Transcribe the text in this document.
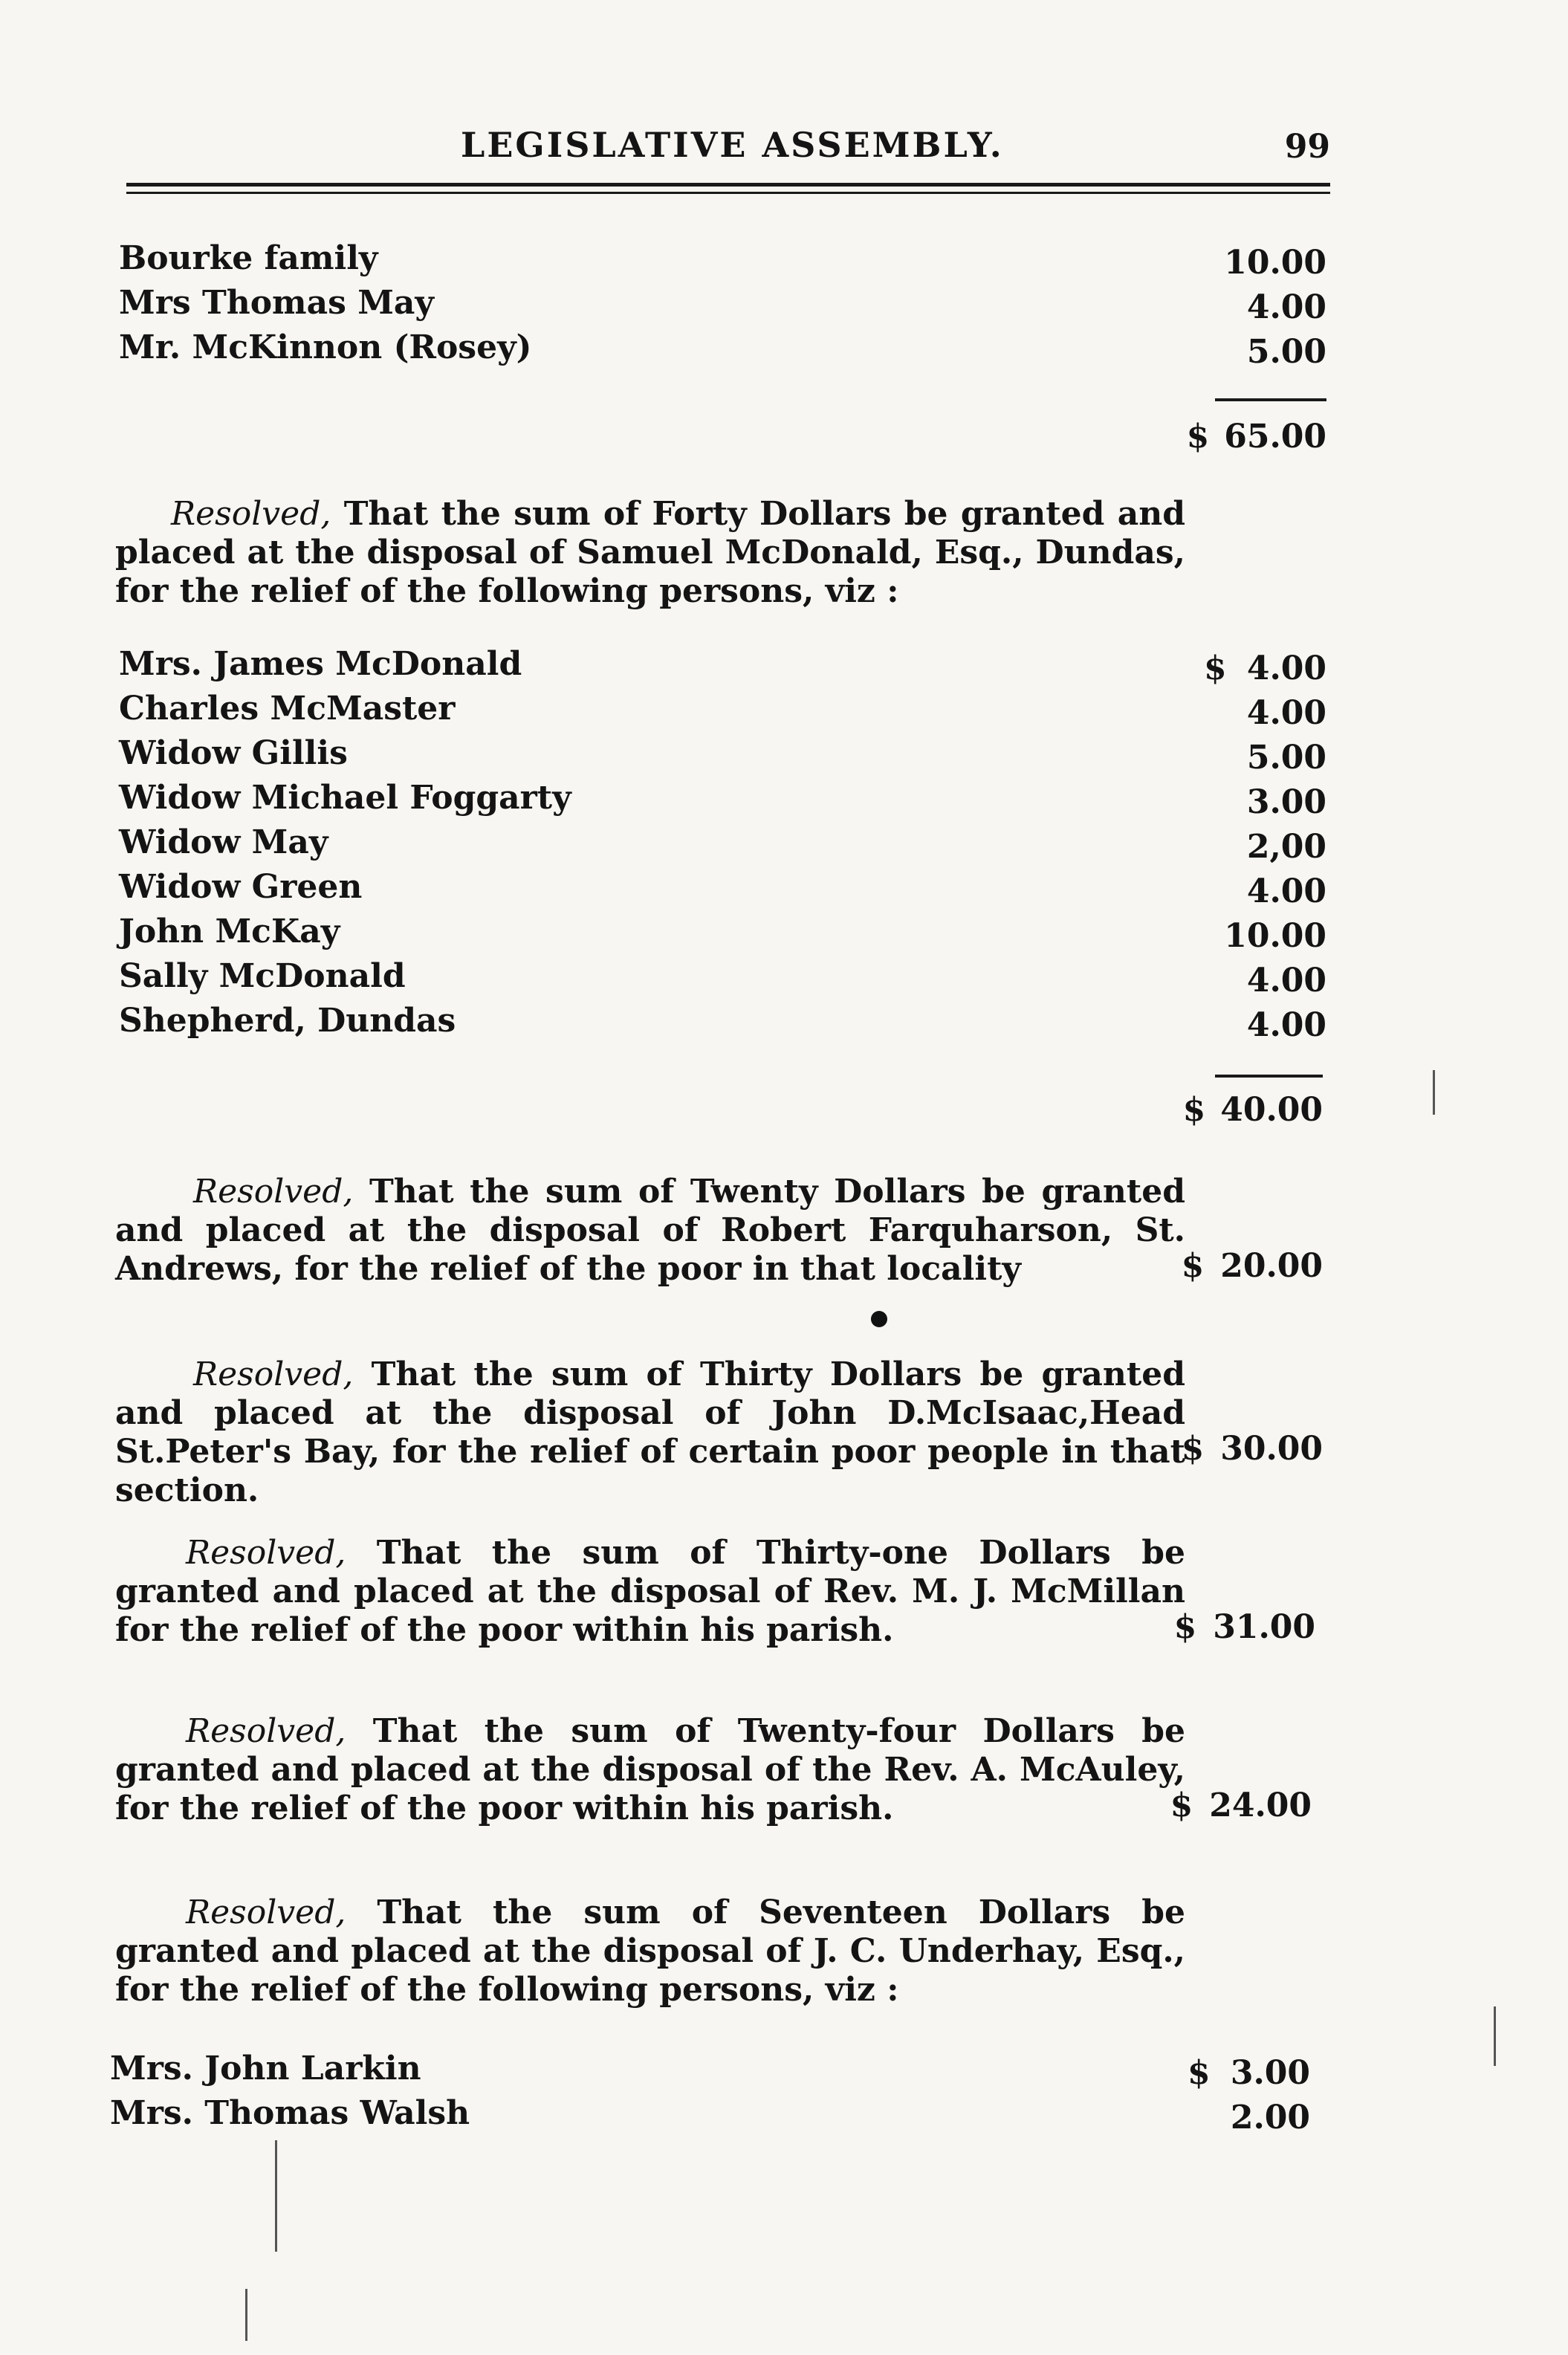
LEGISLATIVE ASSEMBLY.	99
Bourke family	10.00
Mrs Thomas May	4.00
Mr. McKinnon (Rosey)	5.00
$ 65.00
Resolved, That the sum of Forty Dollars be granted and placed at the disposal of Samuel McDonald, Esq., Dundas, for the relief of the following persons, viz :
Mrs. James McDonald	$ 4.00
Charles McMaster	4.00
Widow Gillis	5.00
Widow Michael Foggarty	3.00
Widow May	2,00
Widow Green	4.00
John McKay	10.00
Sally McDonald	4.00
Shepherd, Dundas	4.00
$ 40.00
Resolved, That the sum of Twenty Dollars be granted and placed at the disposal of Robert Farquharson, St. Andrews, for the relief of the poor in that locality	$ 20.00
Resolved, That the sum of Thirty Dollars be granted and placed at the disposal of John D.McIsaac,Head St.Peter's Bay, for the relief of certain poor people in that section.
$ 30.00
Resolved, That the sum of Thirty-one Dollars be granted and placed at the disposal of Rev. M. J. McMillan for the relief of the poor within his parish.	$ 31.00
Resolved, That the sum of Twenty-four Dollars be granted and placed at the disposal of the Rev. A. McAuley, for the relief of the poor within his parish.	$ 24.00
Resolved, That the sum of Seventeen Dollars be granted and placed at the disposal of J. C. Underhay, Esq., for the relief of the following persons, viz :
Mrs. John Larkin	$ 3.00
Mrs. Thomas Walsh	2.00
